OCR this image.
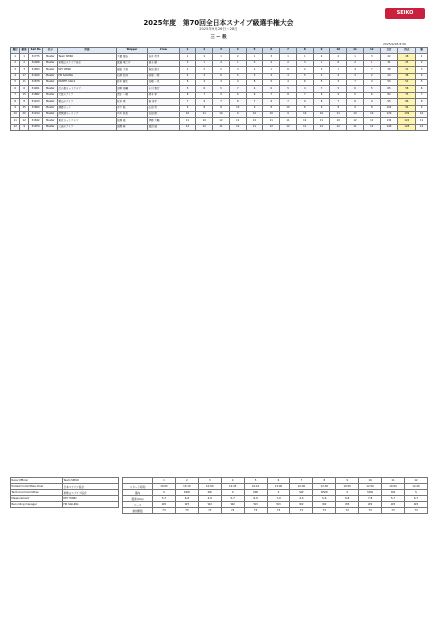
SEIKO
2025年度　第70回全日本スナイプ級選手権大会
2025年9月26日～28日
三 ー 般
2025/9/28 8:56
順位	艇番	Sail No	区分	所属	Skipper	Crew	1	2	3	4	5	6	7	8	9	10	11	12	合計	得点	順
1	1	31775	Master	Team SEIKO	大橋 慶治	吉井 亮平	1	2	1	2	1	3	1	1	4	2	1	3	22	18	1
2	2	32068	Master	和歌山スナイプ協会	渡邉 竜之介	徳永 健	3	1	4	1	5	2	2	3	1	6	2	1	31	25	2
3	3	31893	Master	KEY WIND	福田 大将	森田 章太	2	5	2	3	2	1	6	2	3	1	4	7	38	31	3
4	17	31920	Master	HR SAILING	石原 和洋	荻原 一郎	4	3	6	5	3	4	3	5	2	4	3	2	44	38	4
5	11	31878	Master	NORTH SAILS	鈴木 健太	高橋 一也	6	4	3	4	8	5	4	6	5	3	7	4	59	51	5
6	6	31901	Master	江の島ヨットクラブ	浅野 裕輔	小川 智行	5	6	5	7	4	6	5	4	7	5	6	5	65	58	6
7	15	31882	Master	大阪スナイプ	清水 一樹	岡本 孝	8	7	9	6	6	7	8	7	6	9	5	6	84	75	7
8	8	31913	Master	葉山スナイプ	松本 真	森 洋平	7	9	7	8	7	9	7	9	8	7	8	9	95	86	8
9	25	31860	Master	蒲郡ヨット	木下 聡	山田 亮	9	8	8	10	9	8	10	8	9	8	9	8	104	94	9
10	20	31914	Master	琵琶湖セーリング	中川 拓也	吉田 翔	10	11	10	9	10	10	9	10	10	11	10	10	120	109	10
11	12	31842	Master	東京ヨットクラブ	佐藤 隆	伊藤 大輔	11	10	12	11	12	11	11	12	11	10	12	11	134	122	11
12	9	31870	Master	三浦スナイプ	加藤 修	渡辺 誠	12	12	11	12	11	12	12	11	12	12	11	12	140	128	12
Race Official	Team SEIKO
Protest Committee Chair	日本スナイプ協会
Technical Committee	和歌山スナイプ協会
Measurement	KEY WIND
Recording manager	HR SAILING
	1	2	3	4	5	6	7	8	9	10	11	12
スタート時刻	10:05	13:10	10:00	12:45	10:10	13:00	10:00	12:30	10:05	12:50	10:00	12:40
風向	S	SSW	SW	S	SSE	S	SW	WSW	S	SSW	SW	S
風速(m/s)	5-7	6-8	4-6	5-7	6-9	7-9	4-5	5-6	6-8	7-8	5-7	6-7
コース	W2	W3	W2	W2	W3	W3	W2	W2	W3	W2	W2	W2
参加艇数	73	73	73	72	73	73	73	73	72	73	73	73
